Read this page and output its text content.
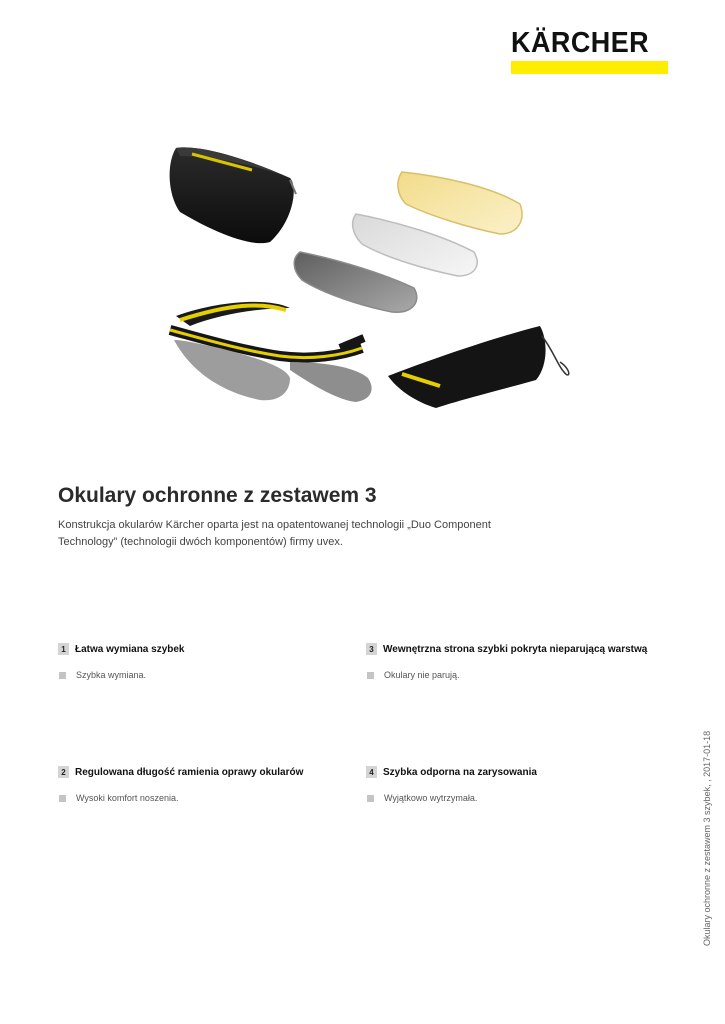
KÄRCHER
Okulary ochronne z zestawem 3

Konstrukcja okularów Kärcher oparta jest na opatentowanej technologii „Duo Component Technology” (technologii dwóch komponentów) firmy uvex.

1 Łatwa wymiana szybek
Szybka wymiana.
2 Regulowana długość ramienia oprawy okularów
Wysoki komfort noszenia.
3 Wewnętrzna strona szybki pokryta nieparującą warstwą
Okulary nie parują.
4 Szybka odporna na zarysowania
Wyjątkowo wytrzymała.	Okulary ochronne z zestawem 3 szybek, , 2017-01-18
